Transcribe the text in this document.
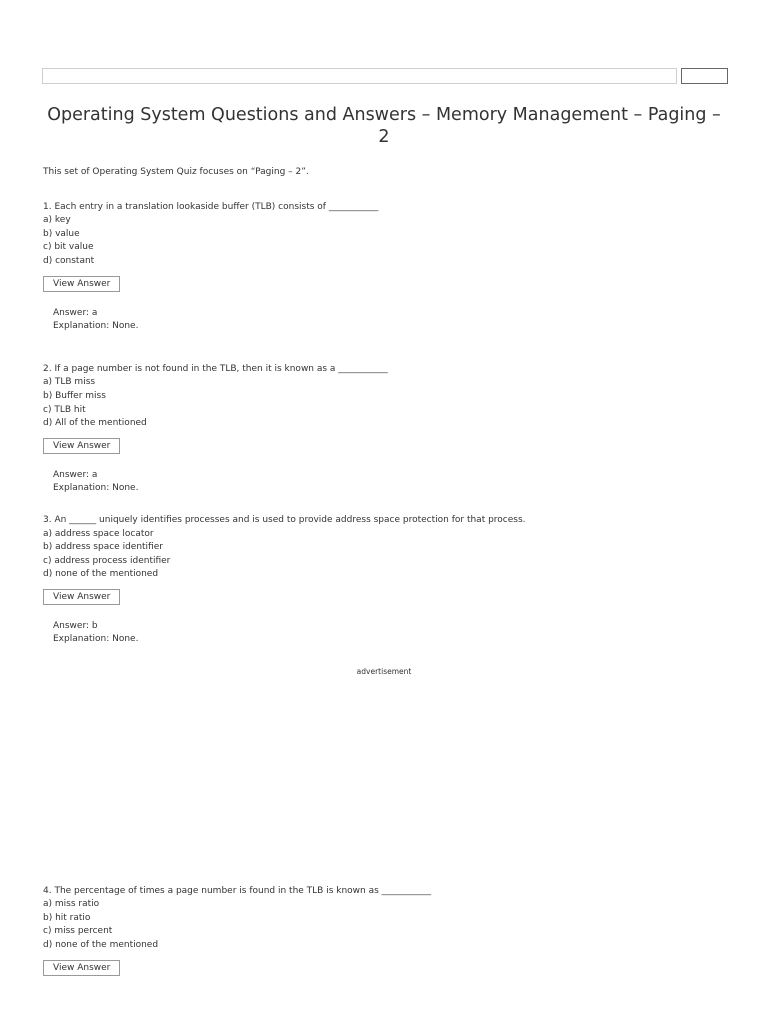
Operating System Questions and Answers – Memory Management – Paging – 2

This set of Operating System Quiz focuses on “Paging – 2”.

1. Each entry in a translation lookaside buffer (TLB) consists of ___________

a) key
b) value
c) bit value
d) constant
View Answer

Answer: a

Explanation: None.

2. If a page number is not found in the TLB, then it is known as a ___________

a) TLB miss
b) Buffer miss
c) TLB hit
d) All of the mentioned
View Answer

Answer: a

Explanation: None.

3. An ______ uniquely identifies processes and is used to provide address space protection for that process.

a) address space locator
b) address space identifier
c) address process identifier
d) none of the mentioned
View Answer

Answer: b

Explanation: None.

advertisement

4. The percentage of times a page number is found in the TLB is known as ___________

a) miss ratio
b) hit ratio
c) miss percent
d) none of the mentioned
View Answer
